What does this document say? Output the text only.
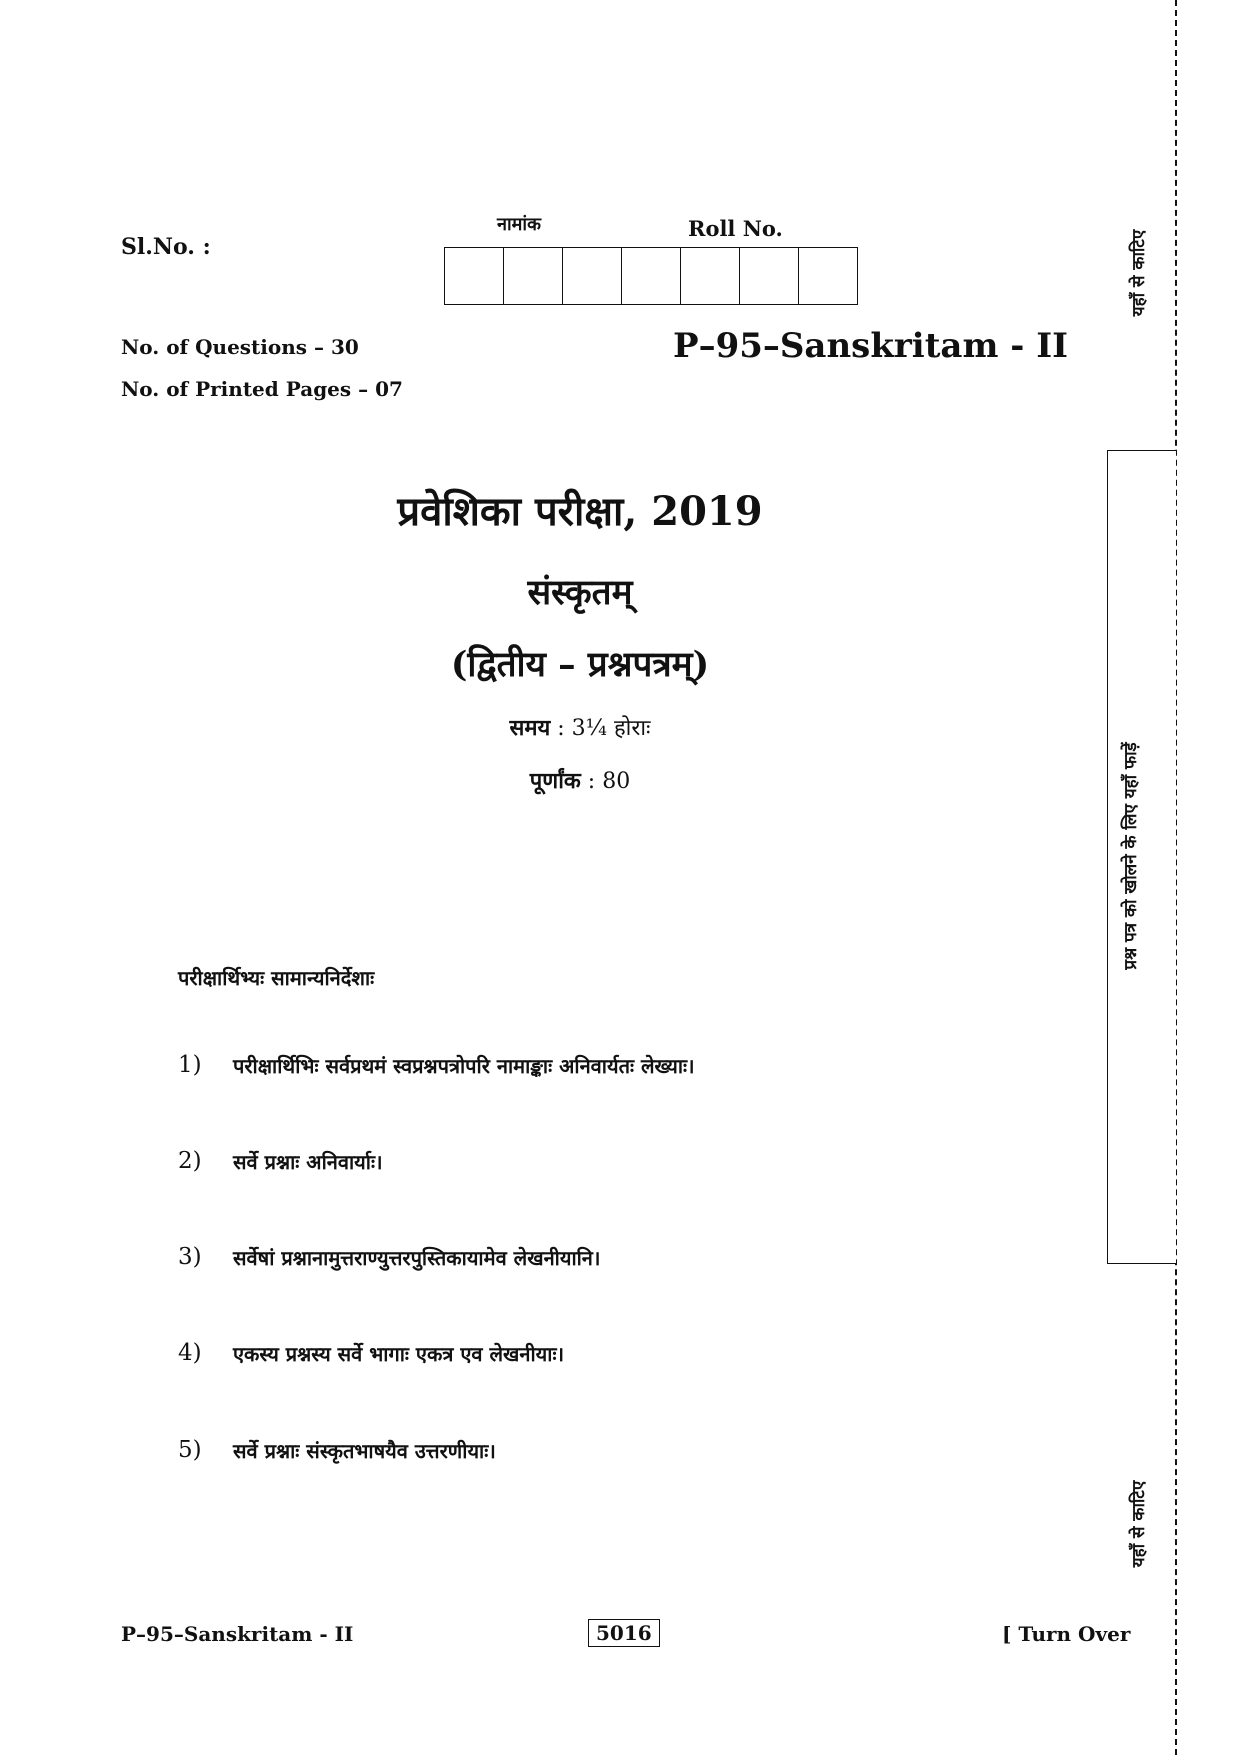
Sl.No. :
नामांक	Roll No.
No. of Questions – 30
No. of Printed Pages – 07
P–95–Sanskritam - II
प्रवेशिका परीक्षा, 2019
संस्कृतम्
(द्वितीय – प्रश्नपत्रम्)
समय : 3¼ होराः
पूर्णांक : 80
परीक्षार्थिभ्यः सामान्यनिर्देशाः
1)	परीक्षार्थिभिः सर्वप्रथमं स्वप्रश्नपत्रोपरि नामाङ्काः अनिवार्यतः लेख्याः।
2)	सर्वे प्रश्नाः अनिवार्याः।
3)	सर्वेषां प्रश्नानामुत्तराण्युत्तरपुस्तिकायामेव लेखनीयानि।
4)	एकस्य प्रश्नस्य सर्वे भागाः एकत्र एव लेखनीयाः।
5)	सर्वे प्रश्नाः संस्कृतभाषयैव उत्तरणीयाः।
P–95–Sanskritam - II	5016	[ Turn Over
यहाँ से काटिए
प्रश्न पत्र को खोलने के लिए यहाँ फाड़ें
यहाँ से काटिए
